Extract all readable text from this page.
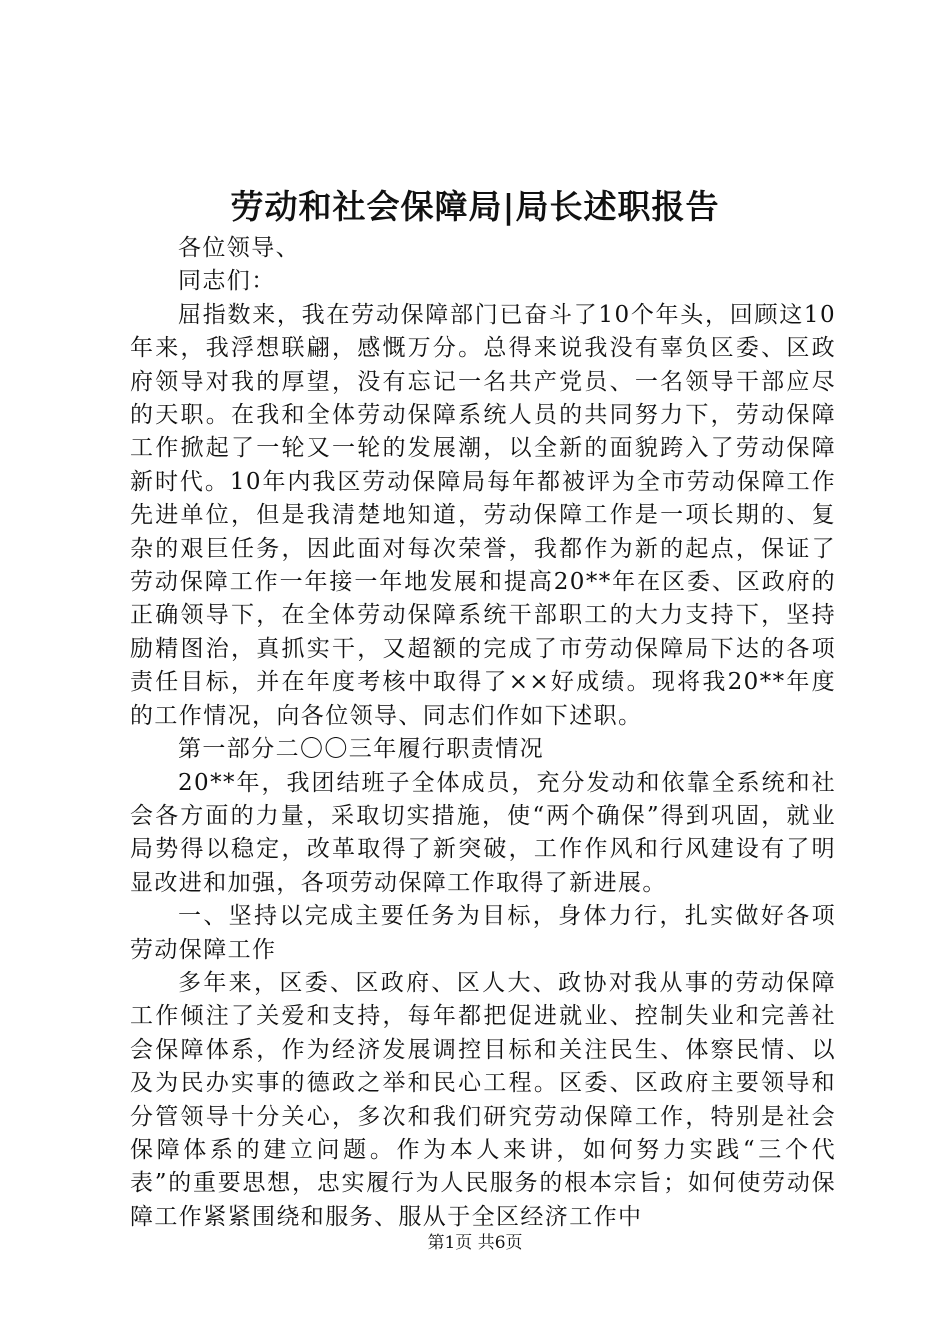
劳动和社会保障局|局长述职报告

各位领导、

同志们：

屈指数来，我在劳动保障部门已奋斗了10个年头，回顾这10年来，我浮想联翩，感慨万分。总得来说我没有辜负区委、区政府领导对我的厚望，没有忘记一名共产党员、一名领导干部应尽的天职。在我和全体劳动保障系统人员的共同努力下，劳动保障工作掀起了一轮又一轮的发展潮，以全新的面貌跨入了劳动保障新时代。10年内我区劳动保障局每年都被评为全市劳动保障工作先进单位，但是我清楚地知道，劳动保障工作是一项长期的、复杂的艰巨任务，因此面对每次荣誉，我都作为新的起点，保证了劳动保障工作一年接一年地发展和提高20**年在区委、区政府的正确领导下，在全体劳动保障系统干部职工的大力支持下，坚持励精图治，真抓实干，又超额的完成了市劳动保障局下达的各项责任目标，并在年度考核中取得了××好成绩。现将我20**年度的工作情况，向各位领导、同志们作如下述职。

第一部分二〇〇三年履行职责情况

20**年，我团结班子全体成员，充分发动和依靠全系统和社会各方面的力量，采取切实措施，使“两个确保”得到巩固，就业局势得以稳定，改革取得了新突破，工作作风和行风建设有了明显改进和加强，各项劳动保障工作取得了新进展。

一、坚持以完成主要任务为目标，身体力行，扎实做好各项劳动保障工作

多年来，区委、区政府、区人大、政协对我从事的劳动保障工作倾注了关爱和支持，每年都把促进就业、控制失业和完善社会保障体系，作为经济发展调控目标和关注民生、体察民情、以及为民办实事的德政之举和民心工程。区委、区政府主要领导和分管领导十分关心，多次和我们研究劳动保障工作，特别是社会保障体系的建立问题。作为本人来讲，如何努力实践“三个代表”的重要思想，忠实履行为人民服务的根本宗旨；如何使劳动保障工作紧紧围绕和服务、服从于全区经济工作中

第1页 共6页
